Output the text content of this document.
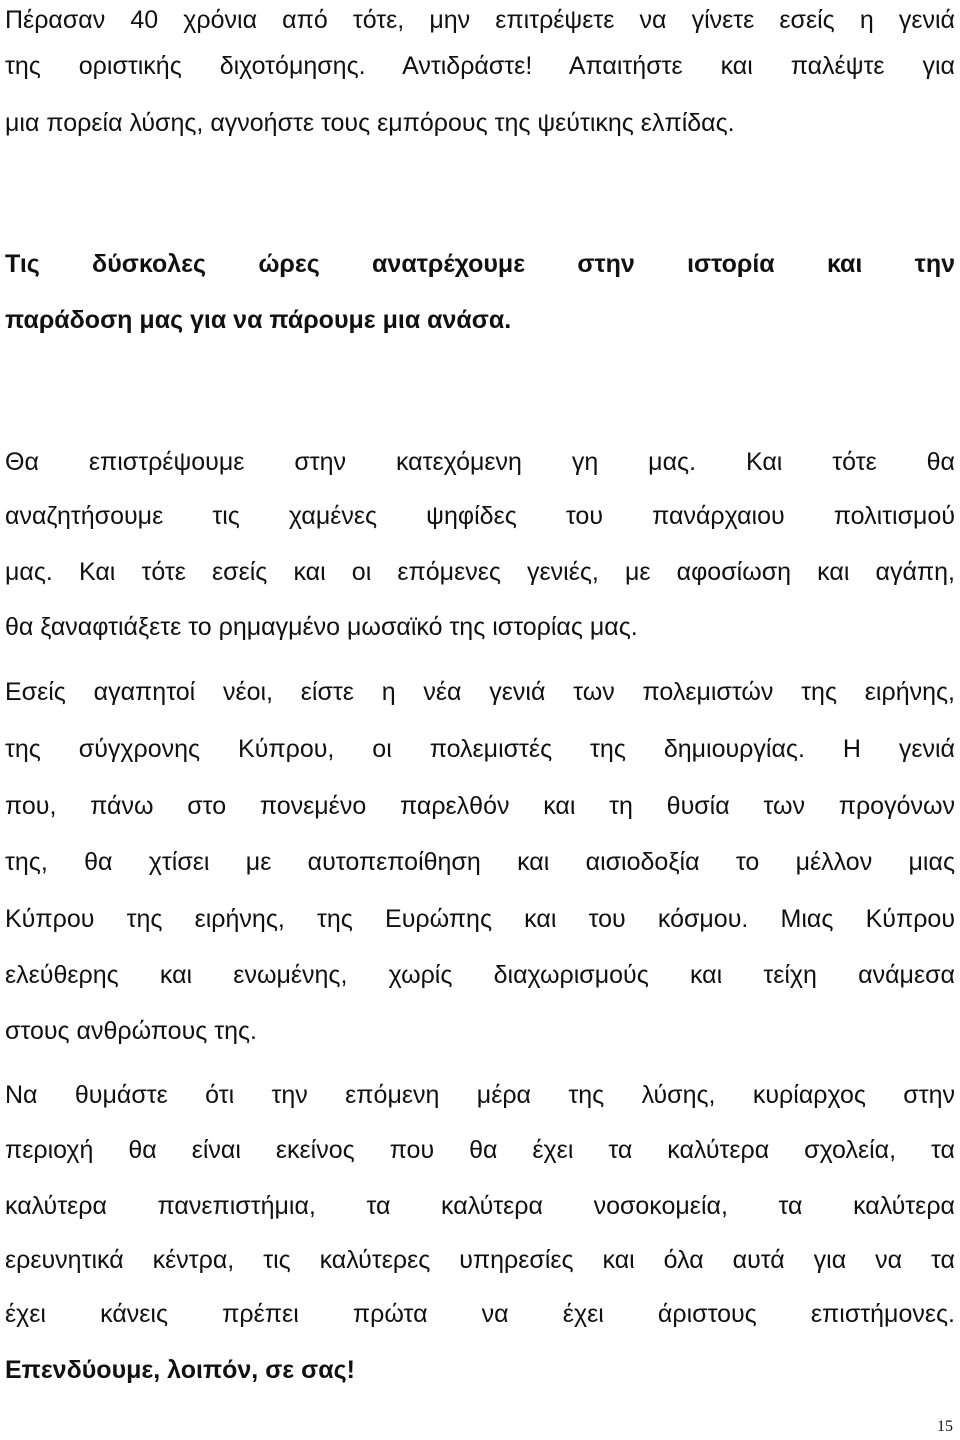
Πέρασαν 40 χρόνια από τότε, μην επιτρέψετε να γίνετε εσείς η γενιά
της οριστικής διχοτόμησης. Αντιδράστε! Απαιτήστε και παλέψτε για
μια πορεία λύσης, αγνοήστε τους εμπόρους της ψεύτικης ελπίδας.
Τις δύσκολες ώρες ανατρέχουμε στην ιστορία και την
παράδοση μας για να πάρουμε μια ανάσα.
Θα επιστρέψουμε στην κατεχόμενη γη μας. Και τότε θα
αναζητήσουμε τις χαμένες ψηφίδες του πανάρχαιου πολιτισμού
μας. Και τότε εσείς και οι επόμενες γενιές, με αφοσίωση και αγάπη,
θα ξαναφτιάξετε το ρημαγμένο μωσαϊκό της ιστορίας μας.
Εσείς αγαπητοί νέοι, είστε η νέα γενιά των πολεμιστών της ειρήνης,
της σύγχρονης Κύπρου, οι πολεμιστές της δημιουργίας. Η γενιά
που, πάνω στο πονεμένο παρελθόν και τη θυσία των προγόνων
της, θα χτίσει με αυτοπεποίθηση και αισιοδοξία το μέλλον μιας
Κύπρου της ειρήνης, της Ευρώπης και του κόσμου. Μιας Κύπρου
ελεύθερης και ενωμένης, χωρίς διαχωρισμούς και τείχη ανάμεσα
στους ανθρώπους της.
Να θυμάστε ότι την επόμενη μέρα της λύσης, κυρίαρχος στην
περιοχή θα είναι εκείνος που θα έχει τα καλύτερα σχολεία, τα
καλύτερα πανεπιστήμια, τα καλύτερα νοσοκομεία, τα καλύτερα
ερευνητικά κέντρα, τις καλύτερες υπηρεσίες και όλα αυτά για να τα
έχει κάνεις πρέπει πρώτα να έχει άριστους επιστήμονες.
Επενδύουμε, λοιπόν, σε σας!
15
